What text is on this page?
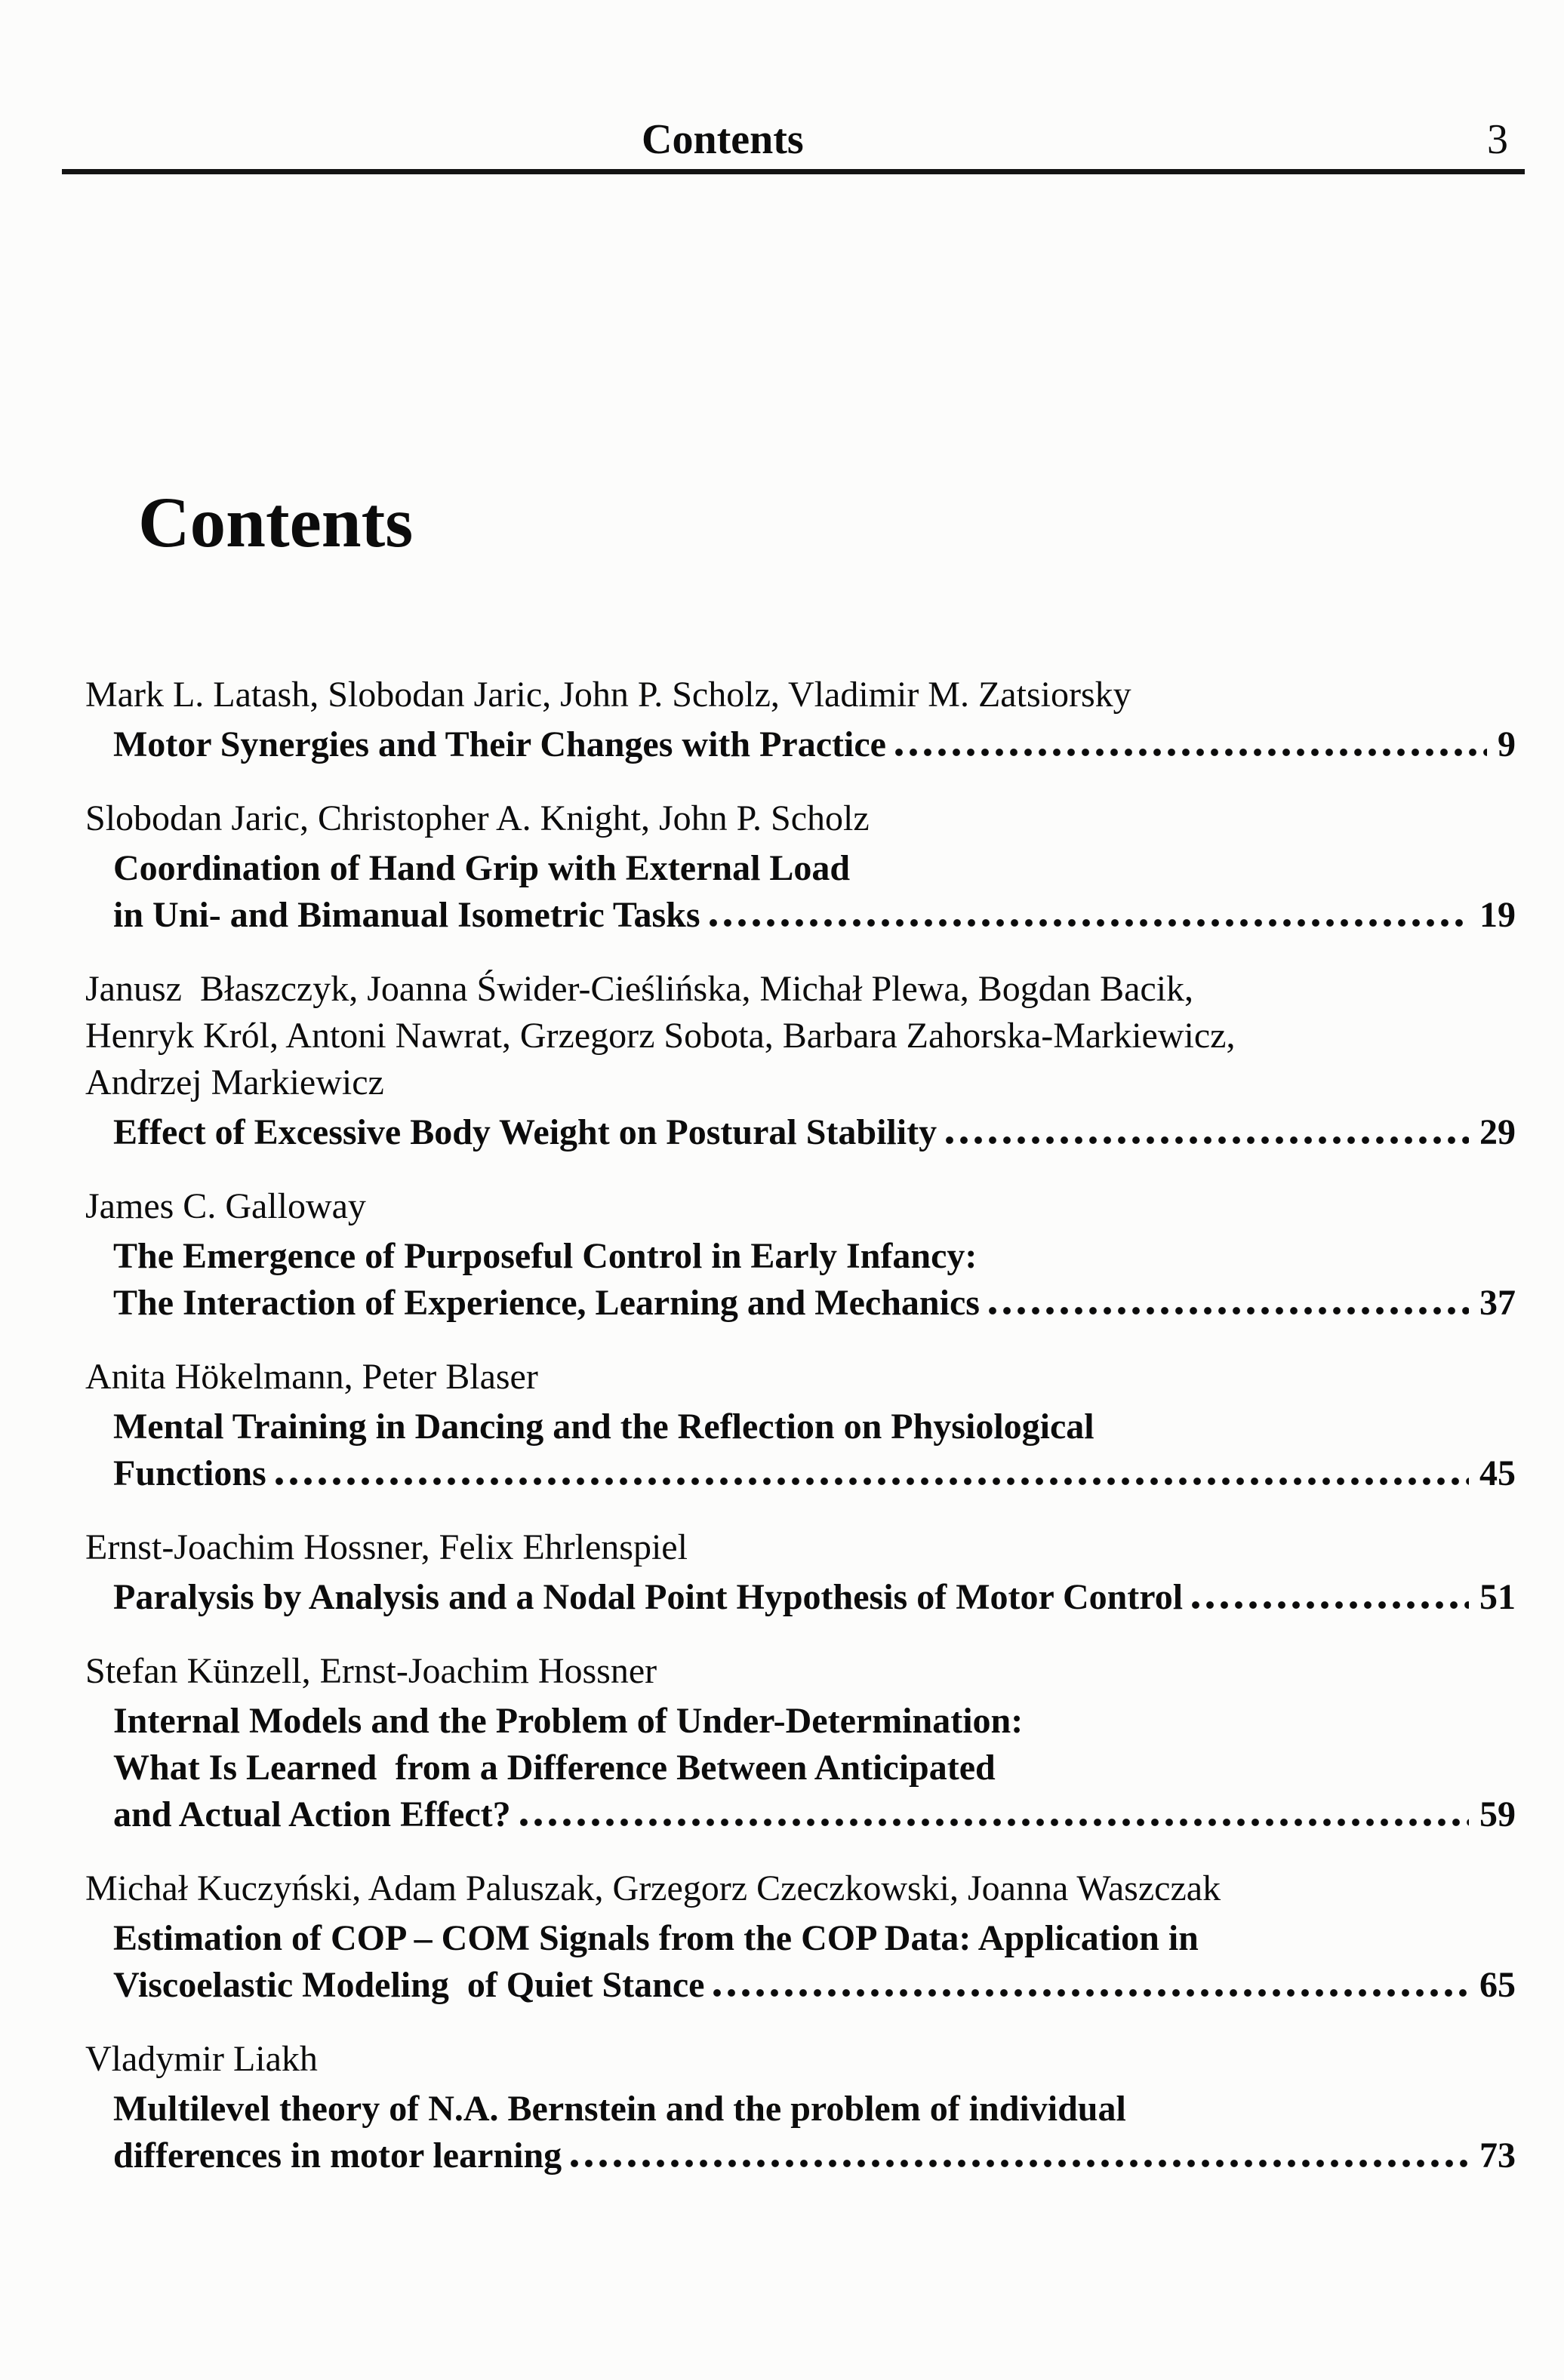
Contents	3
Contents

Mark L. Latash, Slobodan Jaric, John P. Scholz, Vladimir M. Zatsiorsky

Motor Synergies and Their Changes with Practice	9

Slobodan Jaric, Christopher A. Knight, John P. Scholz

Coordination of Hand Grip with External Load
in Uni- and Bimanual Isometric Tasks	19

Janusz  Błaszczyk, Joanna Świder-Cieślińska, Michał Plewa, Bogdan Bacik,

Henryk Król, Antoni Nawrat, Grzegorz Sobota, Barbara Zahorska-Markiewicz,

Andrzej Markiewicz

Effect of Excessive Body Weight on Postural Stability	29

James C. Galloway

The Emergence of Purposeful Control in Early Infancy:
The Interaction of Experience, Learning and Mechanics	37

Anita Hökelmann, Peter Blaser

Mental Training in Dancing and the Reflection on Physiological
Functions	45

Ernst-Joachim Hossner, Felix Ehrlenspiel

Paralysis by Analysis and a Nodal Point Hypothesis of Motor Control	51

Stefan Künzell, Ernst-Joachim Hossner

Internal Models and the Problem of Under-Determination:
What Is Learned  from a Difference Between Anticipated
and Actual Action Effect?	59

Michał Kuczyński, Adam Paluszak, Grzegorz Czeczkowski, Joanna Waszczak

Estimation of COP – COM Signals from the COP Data: Application in
Viscoelastic Modeling  of Quiet Stance	65

Vladymir Liakh

Multilevel theory of N.A. Bernstein and the problem of individual
differences in motor learning	73
